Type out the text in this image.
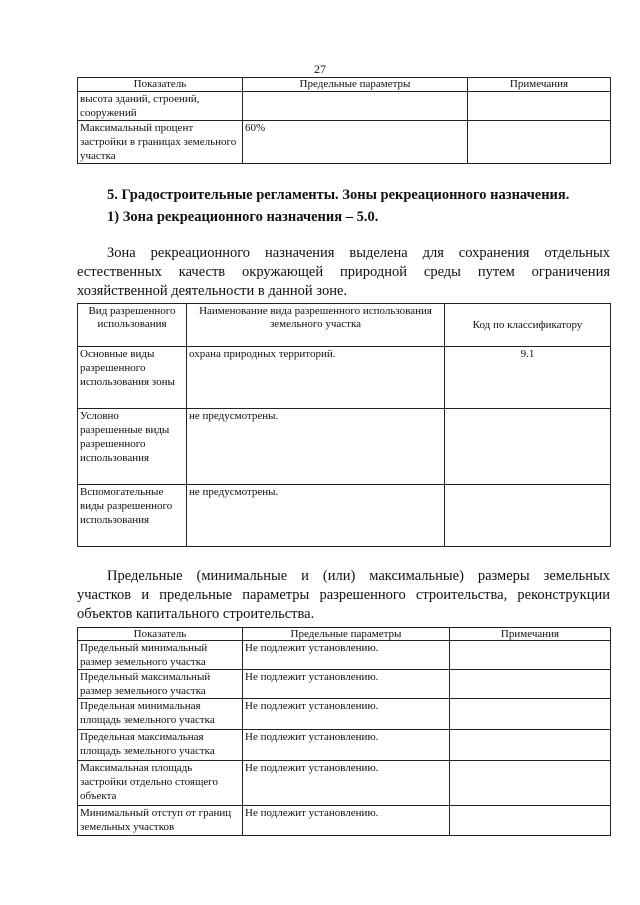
27
Показатель	Предельные параметры	Примечания
высота зданий, строений, сооружений		
Максимальный процент застройки в границах земельного участка	60%	
5. Градостроительные регламенты. Зоны рекреационного назначения.
1) Зона рекреационного назначения – 5.0.
Зона рекреационного назначения выделена для сохранения отдельных
естественных качеств окружающей природной среды путем ограничения
хозяйственной деятельности в данной зоне.
Вид разрешенного использования	Наименование вида разрешенного использования земельного участка	Код по классификатору
Основные виды разрешенного использования зоны	охрана природных территорий.	9.1
Условно разрешенные виды разрешенного использования	не предусмотрены.	
Вспомогательные виды разрешенного использования	не предусмотрены.	
Предельные (минимальные и (или) максимальные) размеры земельных
участков и предельные параметры разрешенного строительства, реконструкции
объектов капитального строительства.
Показатель	Предельные параметры	Примечания
Предельный минимальный размер земельного участка	Не подлежит установлению.	
Предельный максимальный размер земельного участка	Не подлежит установлению.	
Предельная минимальная площадь земельного участка	Не подлежит установлению.	
Предельная максимальная площадь земельного участка	Не подлежит установлению.	
Максимальная площадь застройки отдельно стоящего объекта	Не подлежит установлению.	
Минимальный отступ от границ земельных участков	Не подлежит установлению.	
